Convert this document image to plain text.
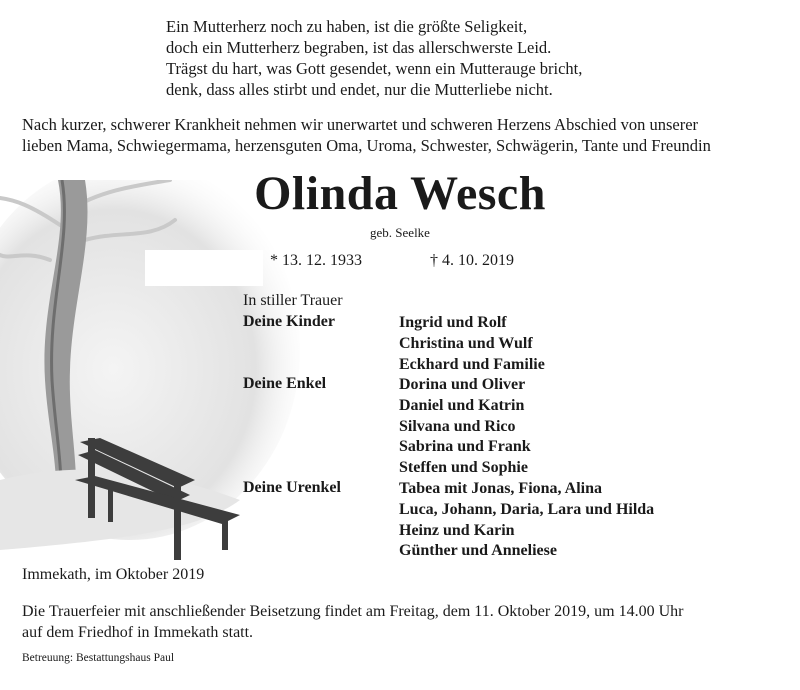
Ein Mutterherz noch zu haben, ist die größte Seligkeit,
doch ein Mutterherz begraben, ist das allerschwerste Leid.
Trägst du hart, was Gott gesendet, wenn ein Mutterauge bricht,
denk, dass alles stirbt und endet, nur die Mutterliebe nicht.
Nach kurzer, schwerer Krankheit nehmen wir unerwartet und schweren Herzens Abschied von unserer
lieben Mama, Schwiegermama, herzensguten Oma, Uroma, Schwester, Schwägerin, Tante und Freundin
Olinda Wesch
geb. Seelke
* 13. 12. 1933	† 4. 10. 2019
In stiller Trauer
Deine Kinder	Ingrid und Rolf
Christina und Wulf
Eckhard und Familie
Deine Enkel	Dorina und Oliver
Daniel und Katrin
Silvana und Rico
Sabrina und Frank
Steffen und Sophie
Deine Urenkel	Tabea mit Jonas, Fiona, Alina
Luca, Johann, Daria, Lara und Hilda
Heinz und Karin
Günther und Anneliese
Immekath, im Oktober 2019
Die Trauerfeier mit anschließender Beisetzung findet am Freitag, dem 11. Oktober 2019, um 14.00 Uhr
auf dem Friedhof in Immekath statt.
Betreuung: Bestattungshaus Paul
